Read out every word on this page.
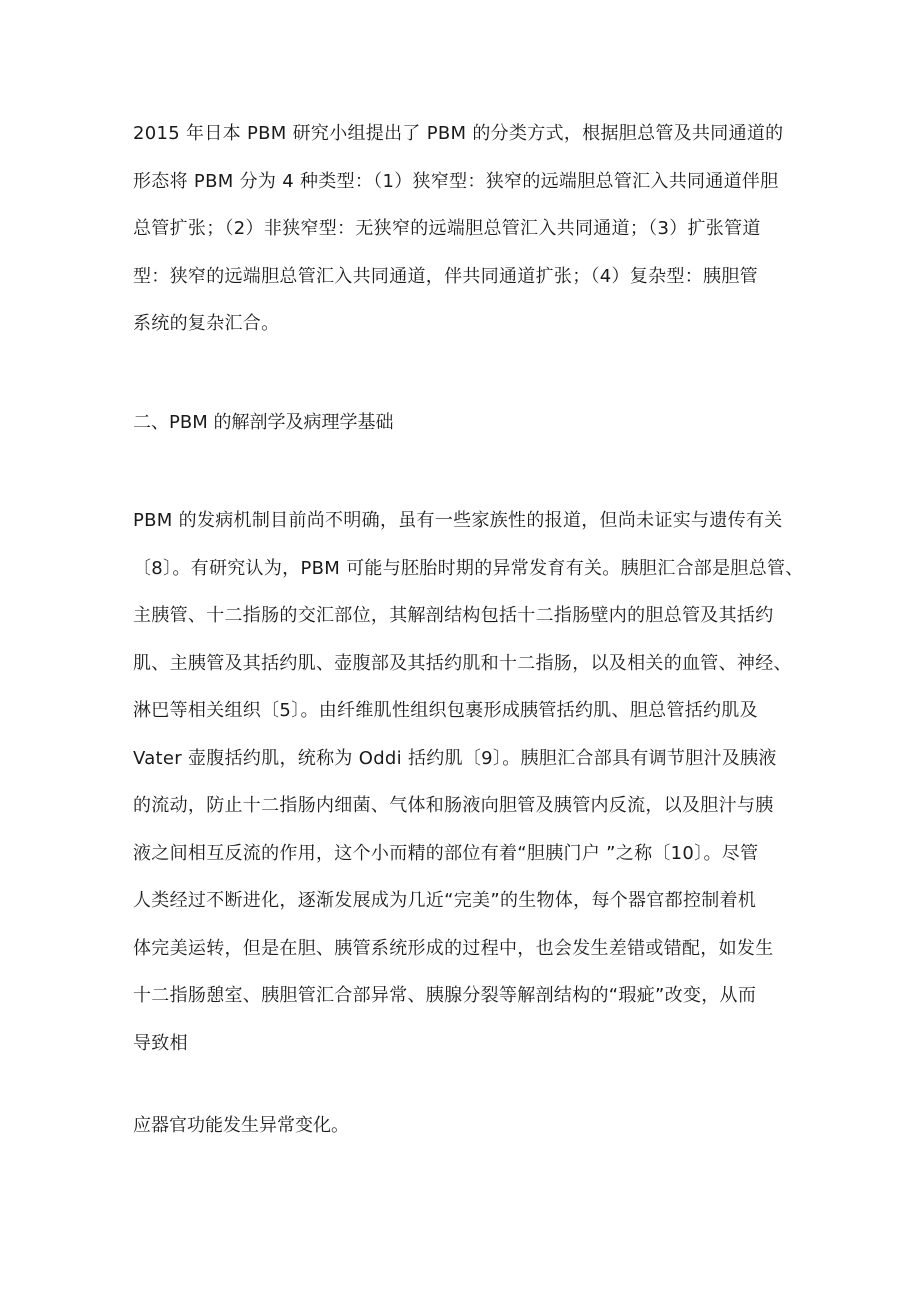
2015 年日本 PBM 研究小组提出了 PBM 的分类方式，根据胆总管及共同通道的
形态将 PBM 分为 4 种类型：（1）狭窄型：狭窄的远端胆总管汇入共同通道伴胆
总管扩张；（2）非狭窄型：无狭窄的远端胆总管汇入共同通道；（3）扩张管道
型：狭窄的远端胆总管汇入共同通道，伴共同通道扩张；（4）复杂型：胰胆管
系统的复杂汇合。

二、PBM 的解剖学及病理学基础

PBM 的发病机制目前尚不明确，虽有一些家族性的报道，但尚未证实与遗传有关
〔8〕。有研究认为，PBM 可能与胚胎时期的异常发育有关。胰胆汇合部是胆总管、
主胰管、十二指肠的交汇部位，其解剖结构包括十二指肠壁内的胆总管及其括约
肌、主胰管及其括约肌、壶腹部及其括约肌和十二指肠，以及相关的血管、神经、
淋巴等相关组织〔5〕。由纤维肌性组织包裹形成胰管括约肌、胆总管括约肌及
Vater 壶腹括约肌，统称为 Oddi 括约肌〔9〕。胰胆汇合部具有调节胆汁及胰液
的流动，防止十二指肠内细菌、气体和肠液向胆管及胰管内反流，以及胆汁与胰
液之间相互反流的作用，这个小而精的部位有着“胆胰门户 ”之称〔10〕。尽管
人类经过不断进化，逐渐发展成为几近“完美”的生物体，每个器官都控制着机
体完美运转，但是在胆、胰管系统形成的过程中，也会发生差错或错配，如发生
十二指肠憩室、胰胆管汇合部异常、胰腺分裂等解剖结构的“瑕疵”改变，从而
导致相

应器官功能发生异常变化。
